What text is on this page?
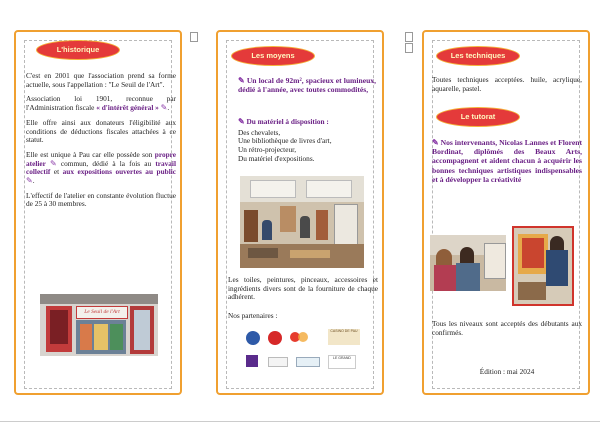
L'historique

C'est en 2001 que l'association prend sa forme actuelle, sous l'appellation : "Le Seuil de l'Art".

Association loi 1901, reconnue par l'Administration fiscale « d'intérêt général » ✎.

Elle offre ainsi aux donateurs l'éligibilité aux conditions de déductions fiscales attachées à ce statut.

Elle est unique à Pau car elle possède son propre atelier ✎ commun, dédié à la fois au travail collectif et aux expositions ouvertes au public ✎.

L'effectif de l'atelier en constante évolution fluctue de 25 à 30 membres.

Le Seuil de l'Art
Les moyens

✎ Un local de 92m², spacieux et lumineux, dédié à l'année, avec toutes commodités,

✎ Du matériel à disposition :

Des chevalets,
Une bibliothèque de livres d'art,
Un rétro-projecteur,
Du matériel d'expositions.
Les toiles, peintures, pinceaux, accessoires et ingrédients divers sont de la fourniture de chaque adhérent.
Nos partenaires :
CASINO DE PAU
LE GRAND
Les techniques
Toutes techniques acceptées. huile, acrylique, aquarelle, pastel.
Le tutorat
✎ Nos intervenants, Nicolas Lannes et Florent Bordinat, diplômés des Beaux Arts, accompagnent et aident chacun à acquérir les bonnes techniques artistiques indispensables et à développer la créativité
Tous les niveaux sont acceptés des débutants aux confirmés.
Édition : mai 2024
